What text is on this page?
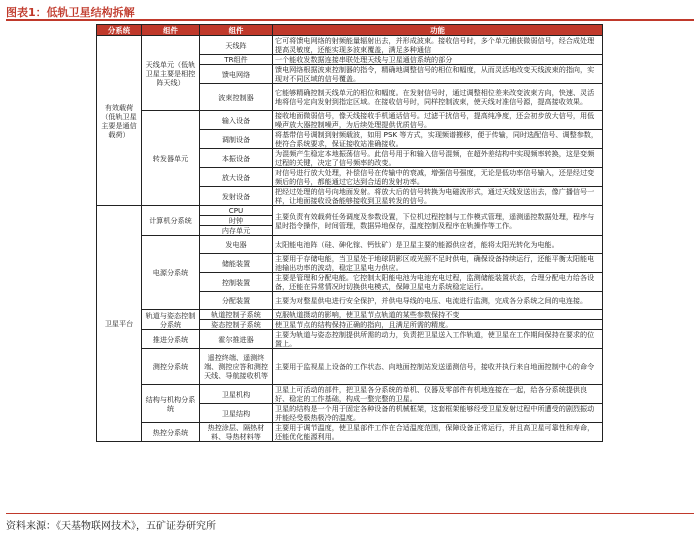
图表1：低轨卫星结构拆解
分系统	组件	组件	功能
有效载荷（低轨卫星主要是通信载荷）	天线单元（低轨卫星主要是相控阵天线）	天线阵	它可将馈电网络的射频能量辐射出去，并形成波束。接收信号时，多个单元捕获微弱信号，经合成处理提高灵敏度，还能实现多波束覆盖，满足多种通信
		TR组件	一个能收发数据连接串联处理天线与卫星通信系统的部分
		馈电网络	馈电网络根据波束控制器的指令，精确地调整信号的相位和幅度，从而灵活地改变天线波束的指向，实现对不同区域的信号覆盖。
		波束控制器	它能够精确控制天线单元的相位和幅度。在发射信号时，通过调整相位差来改变波束方向，快速、灵活地将信号定向发射到指定区域。在接收信号时，同样控制波束，使天线对准信号源，提高接收效果。
	转发器单元	输入设备	接收地面微弱信号，像天线接收手机通话信号。过滤干扰信号，提高纯净度，还会初步放大信号，用低噪声放大器控制噪声，为后续处理提供优质信号。
		调制设备	将基带信号调制到射频载波，如用 PSK 等方式，实现频谱搬移，便于传输，同时选配信号、调整参数，使符合系统要求，保证接收站准确接收。
		本振设备	为混频产生稳定本地振荡信号。此信号用于和输入信号混频，在超外差结构中实现频率转换，这是变频过程的关键，决定了信号频率的改变。
		放大设备	对信号进行放大处理，补偿信号在传输中的衰减，增强信号强度，无论是低功率信号输入，还是经过变频后的信号，都能通过它达到合适的发射功率。
		发射设备	把经过处理的信号向地面发射。将放大后的信号转换为电磁波形式，通过天线发送出去，像广播信号一样，让地面接收设备能够接收到卫星转发的信号。
卫星平台	计算机分系统	CPU	主要负责有效载荷任务调度及参数设置，下位机过程控制与工作模式管理，遥测遥控数据处理，程序与星时指令操作，时间管理，数据异地保存，温度控制及程序在轨操作等工作。
		时钟	
		内存单元	
	电源分系统	发电器	太阳能电池阵（硅、砷化镓、钙钛矿）是卫星主要的能源供应者，能将太阳光转化为电能。
		储能装置	主要用于存储电能，当卫星处于地球阴影区或光照不足时供电，确保设备持续运行，还能平衡太阳能电池输出功率的波动，稳定卫星电力供应。
		控制装置	主要是管理和分配电能。它控制太阳能电池为电池充电过程，监测储能装置状态，合理分配电力给各设备，还能在异常情况时切换供电模式，保障卫星电力系统稳定运行。
		分配装置	主要为对整星供电进行安全保护，并供电导线的电压、电流进行监测，完成各分系统之间的电连接。
	轨道与姿态控制分系统	轨道控制子系统	克服轨道摄动的影响，使卫星节点轨道的某些参数保持不变
		姿态控制子系统	使卫星节点的结构保持正确的指向，且满足所需的精度。
	推进分系统	霍尔推进器	主要为轨道与姿态控制提供所需的动力，负责把卫星送入工作轨道，使卫星在工作期间保持在要求的位置上。
	测控分系统	遥控终端、遥测终端、测控应答和测控天线、导航接收机等	主要用于监视星上设备的工作状态、向地面控制站发送遥测信号，接收并执行来自地面控制中心的命令
	结构与机构分系统	卫星机构	卫星上可活动的部件，把卫星各分系统的单机、仪器及零部件有机地连接在一起，给各分系统提供良好、稳定的工作基础，构成一整完整的卫星。
		卫星结构	卫星的结构是一个用于固定各种设备的机械框架，这套框架能够经受卫星发射过程中所遭受的剧烈振动并能经受极热极冷的温度。
	热控分系统	热控涂层、隔热材料、导热材料等	主要用于调节温度，使卫星部件工作在合适温度范围，保障设备正常运行，并且高卫星可靠性和寿命，还能优化能源利用。
资料来源：《天基物联网技术》，五矿证券研究所
